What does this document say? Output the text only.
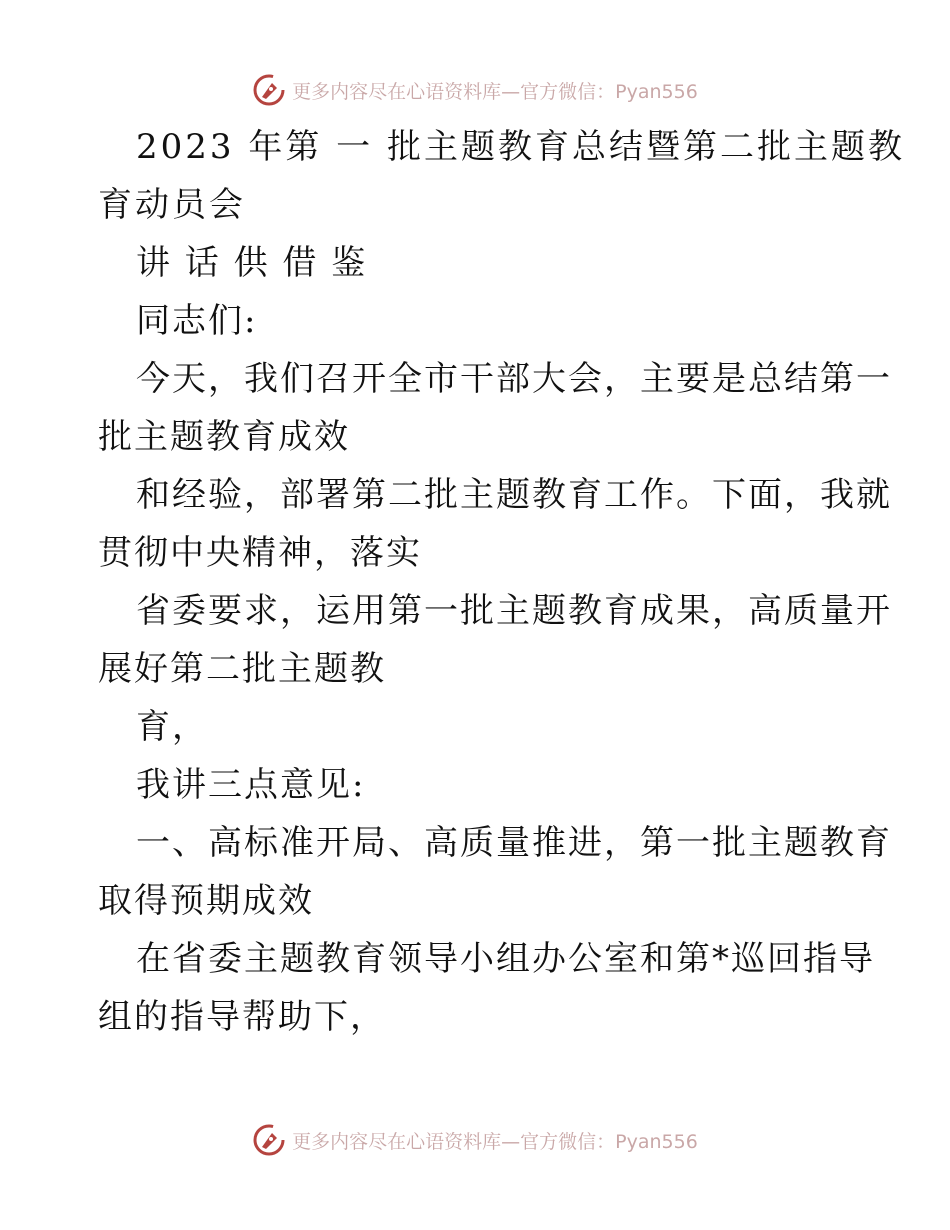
更多内容尽在心语资料库—官方微信：Pyan556
2023 年第 一 批主题教育总结暨第二批主题教
育动员会
讲 话 供 借 鉴
同志们:
今天，我们召开全市干部大会，主要是总结第一
批主题教育成效
和经验，部署第二批主题教育工作。下面，我就
贯彻中央精神，落实
省委要求，运用第一批主题教育成果，高质量开
展好第二批主题教
育，
我讲三点意见:
一、高标准开局、高质量推进，第一批主题教育
取得预期成效
在省委主题教育领导小组办公室和第*巡回指导
组的指导帮助下，
更多内容尽在心语资料库—官方微信：Pyan556
